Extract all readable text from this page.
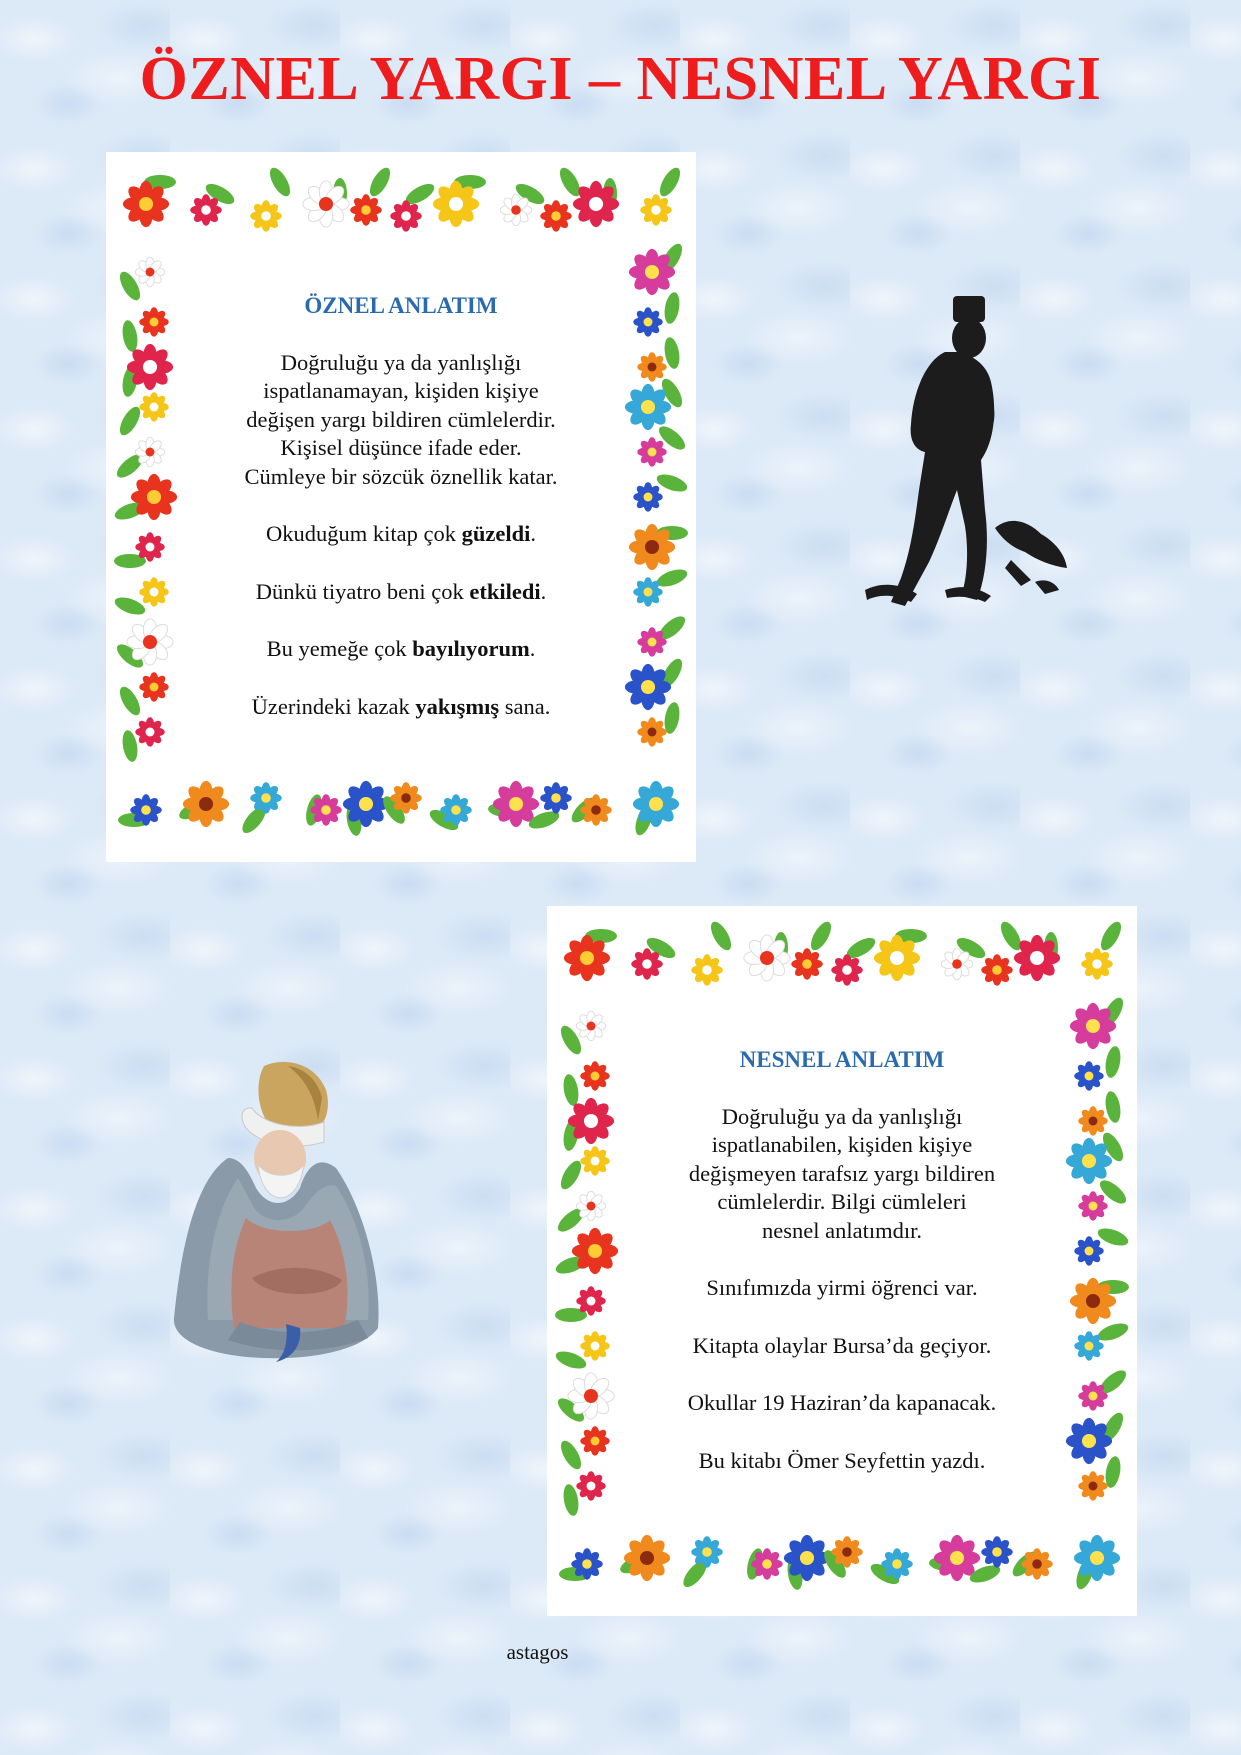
ÖZNEL YARGI – NESNEL YARGI

ÖZNEL ANLATIM

Doğruluğu ya da yanlışlığı
ispatlanamayan, kişiden kişiye
değişen yargı bildiren cümlelerdir.
Kişisel düşünce ifade eder.
Cümleye bir sözcük öznellik katar.

Okuduğum kitap çok güzeldi.

Dünkü tiyatro beni çok etkiledi.

Bu yemeğe çok bayılıyorum.

Üzerindeki kazak yakışmış sana.

NESNEL ANLATIM

Doğruluğu ya da yanlışlığı
ispatlanabilen, kişiden kişiye
değişmeyen tarafsız yargı bildiren
cümlelerdir. Bilgi cümleleri
nesnel anlatımdır.

Sınıfımızda yirmi öğrenci var.

Kitapta olaylar Bursa’da geçiyor.

Okullar 19 Haziran’da kapanacak.

Bu kitabı Ömer Seyfettin yazdı.

astagos
